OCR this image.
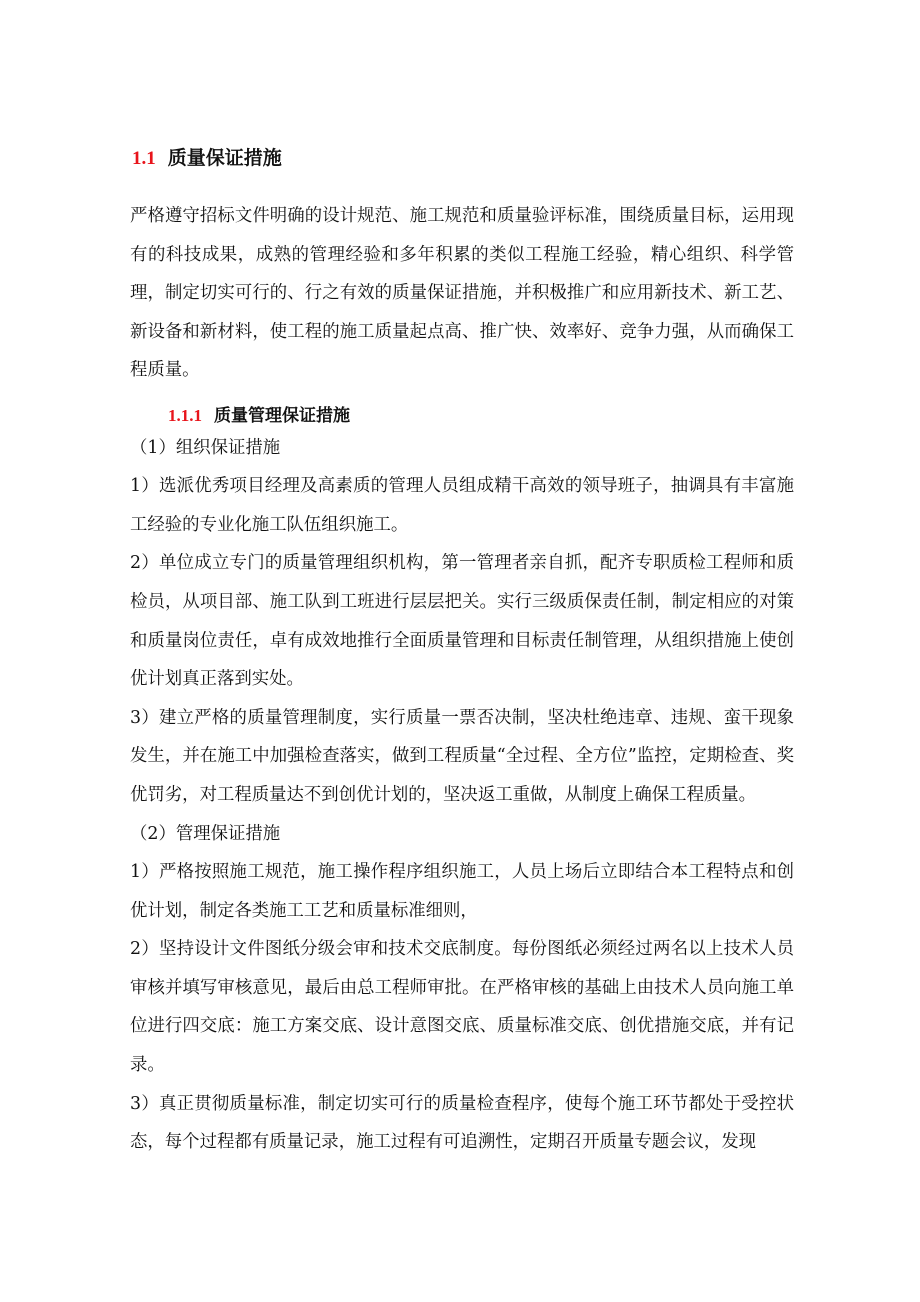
1.1 质量保证措施

严格遵守招标文件明确的设计规范、施工规范和质量验评标准，围绕质量目标，运用现有的科技成果，成熟的管理经验和多年积累的类似工程施工经验，精心组织、科学管理，制定切实可行的、行之有效的质量保证措施，并积极推广和应用新技术、新工艺、新设备和新材料，使工程的施工质量起点高、推广快、效率好、竞争力强，从而确保工程质量。

（1）组织保证措施

1）选派优秀项目经理及高素质的管理人员组成精干高效的领导班子，抽调具有丰富施工经验的专业化施工队伍组织施工。

2）单位成立专门的质量管理组织机构，第一管理者亲自抓，配齐专职质检工程师和质检员，从项目部、施工队到工班进行层层把关。实行三级质保责任制，制定相应的对策和质量岗位责任，卓有成效地推行全面质量管理和目标责任制管理，从组织措施上使创优计划真正落到实处。

3）建立严格的质量管理制度，实行质量一票否决制，坚决杜绝违章、违规、蛮干现象发生，并在施工中加强检查落实，做到工程质量“全过程、全方位”监控，定期检查、奖优罚劣，对工程质量达不到创优计划的，坚决返工重做，从制度上确保工程质量。

（2）管理保证措施

1）严格按照施工规范，施工操作程序组织施工，人员上场后立即结合本工程特点和创优计划，制定各类施工工艺和质量标准细则，

2）坚持设计文件图纸分级会审和技术交底制度。每份图纸必须经过两名以上技术人员审核并填写审核意见，最后由总工程师审批。在严格审核的基础上由技术人员向施工单位进行四交底：施工方案交底、设计意图交底、质量标准交底、创优措施交底，并有记录。

3）真正贯彻质量标准，制定切实可行的质量检查程序，使每个施工环节都处于受控状态，每个过程都有质量记录，施工过程有可追溯性，定期召开质量专题会议，发现

1.1.1 质量管理保证措施
